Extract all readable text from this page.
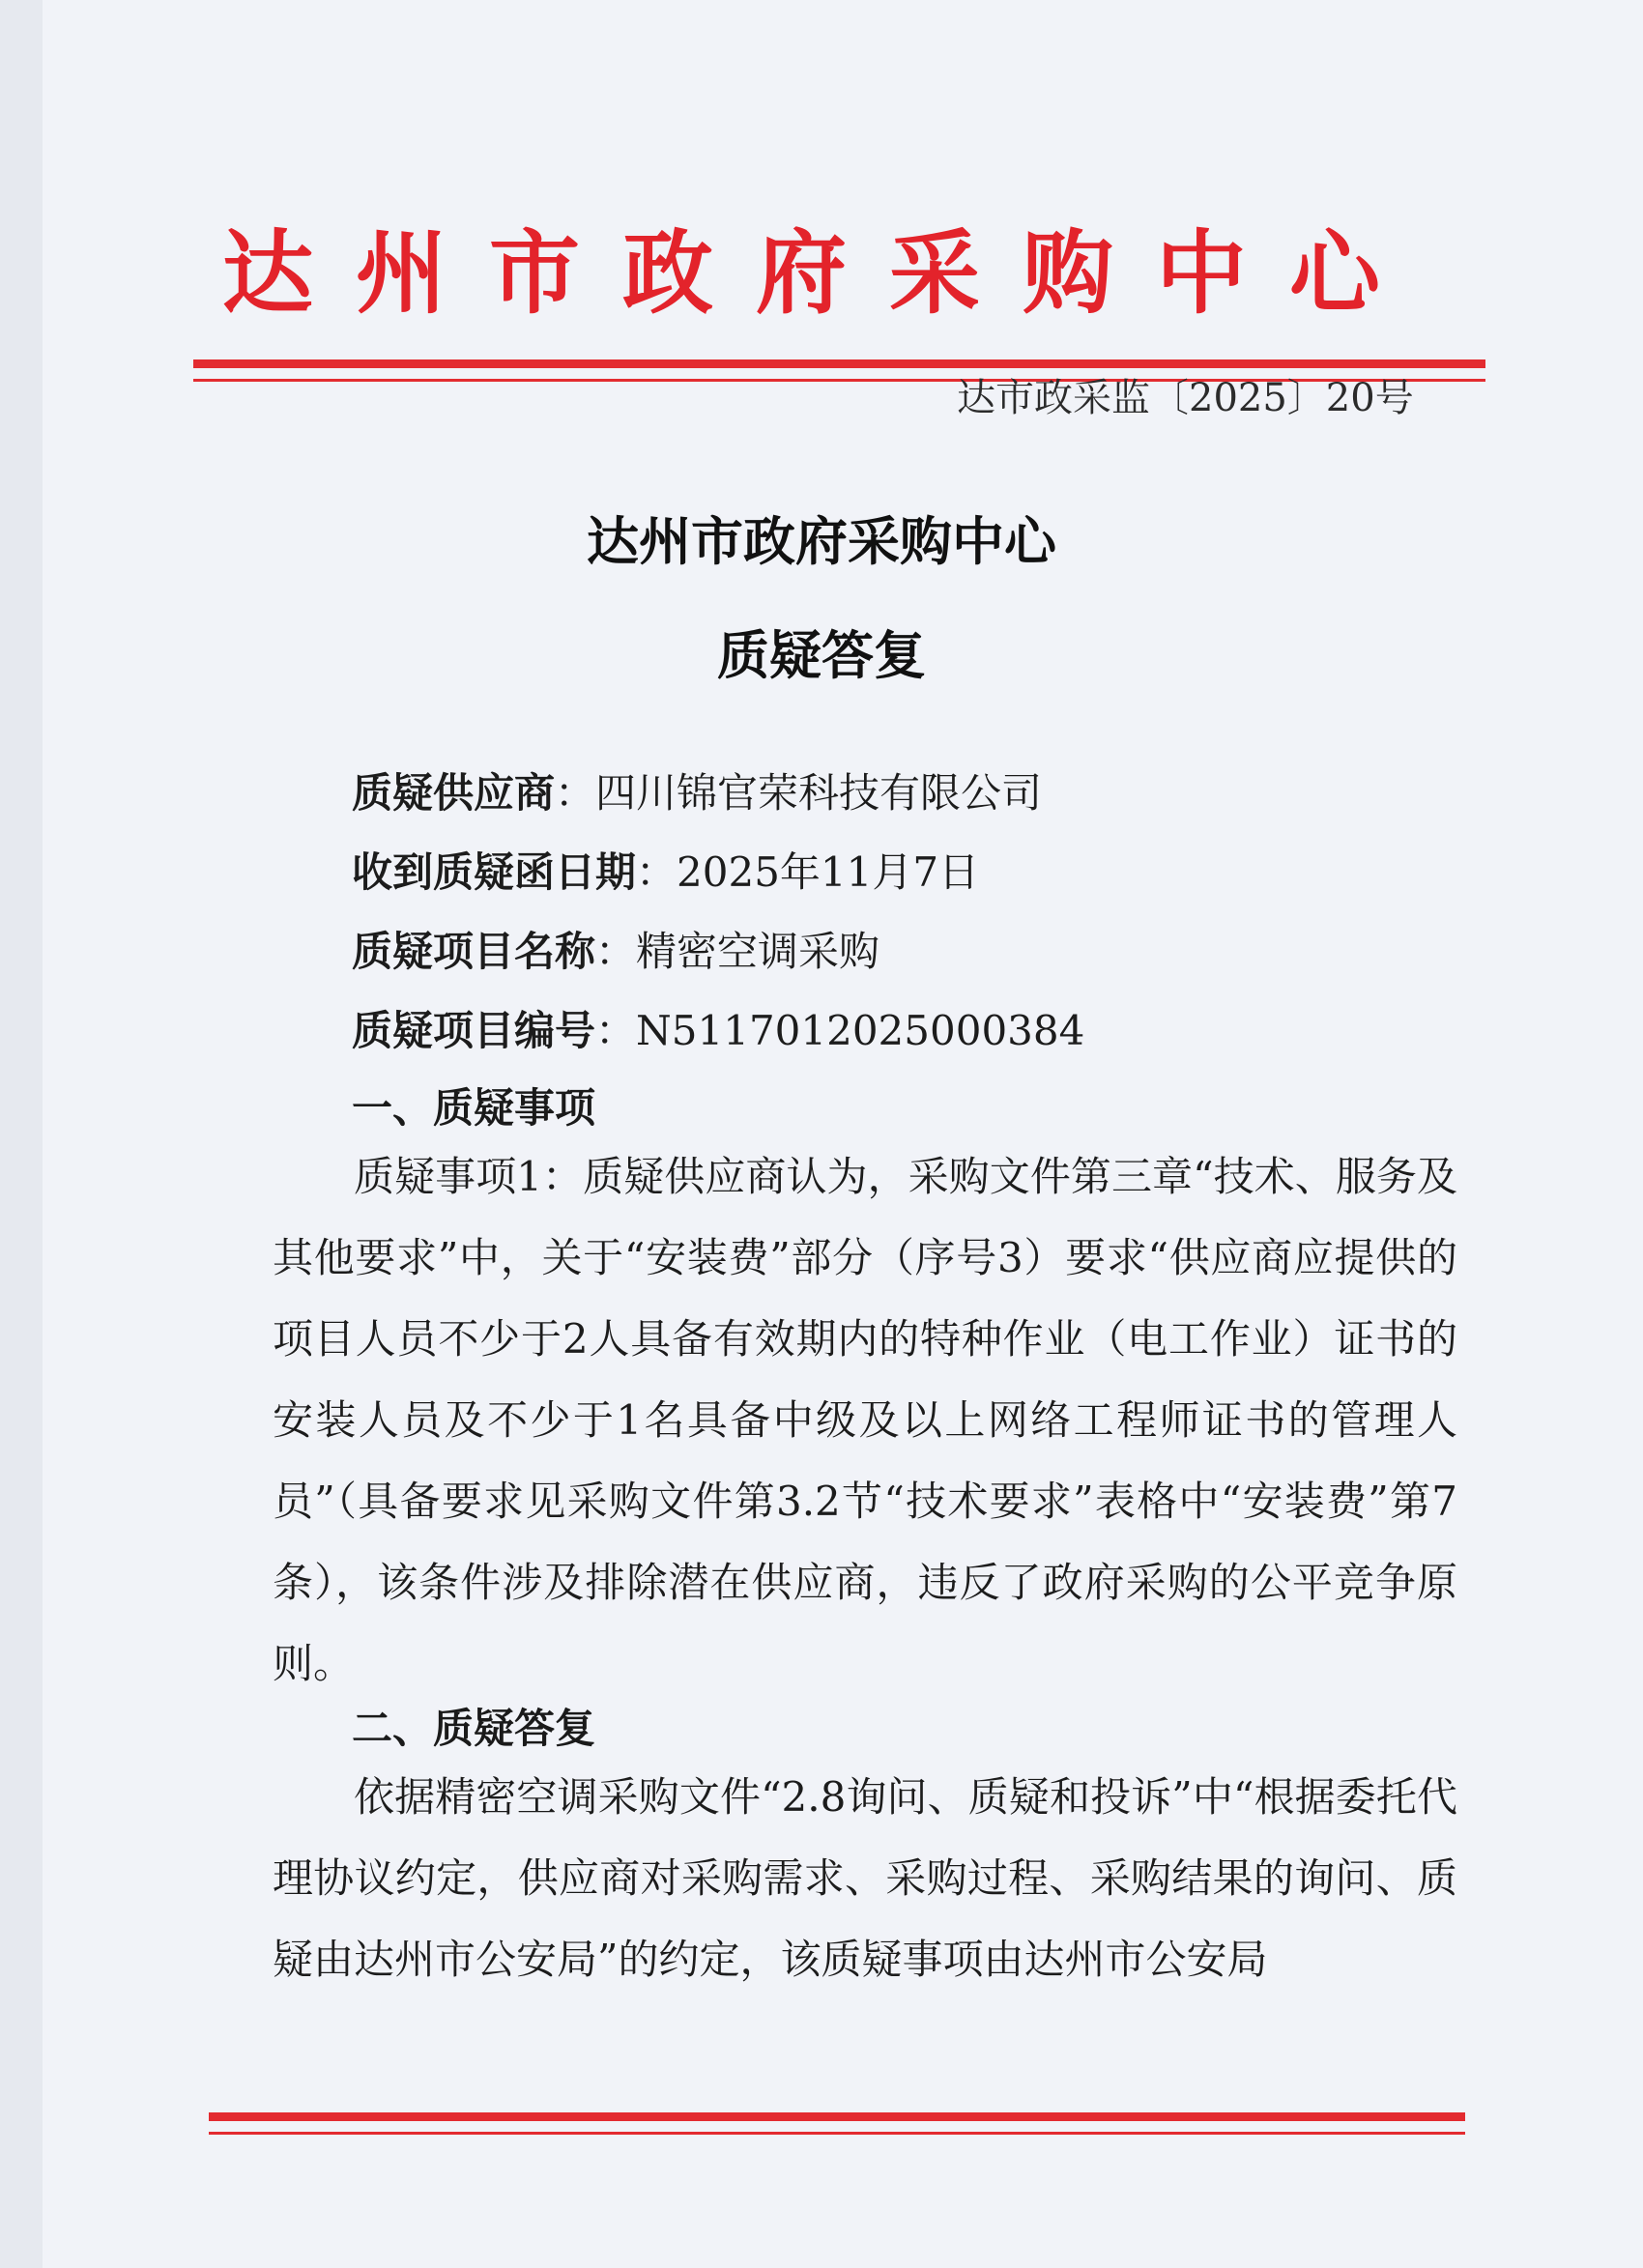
达州市政府采购中心
达市政采监〔2025〕20号
达州市政府采购中心
质疑答复
质疑供应商：四川锦官荣科技有限公司
收到质疑函日期：2025年11月7日
质疑项目名称：精密空调采购
质疑项目编号：N5117012025000384
一、质疑事项
质疑事项1：质疑供应商认为，采购文件第三章“技术、服务及其他要求”中，关于“安装费”部分（序号3）要求“供应商应提供的项目人员不少于2人具备有效期内的特种作业（电工作业）证书的安装人员及不少于1名具备中级及以上网络工程师证书的管理人员”（具备要求见采购文件第3.2节“技术要求”表格中“安装费”第7条），该条件涉及排除潜在供应商，违反了政府采购的公平竞争原则。
二、质疑答复
依据精密空调采购文件“2.8询问、质疑和投诉”中“根据委托代理协议约定，供应商对采购需求、采购过程、采购结果的询问、质疑由达州市公安局”的约定，该质疑事项由达州市公安局
